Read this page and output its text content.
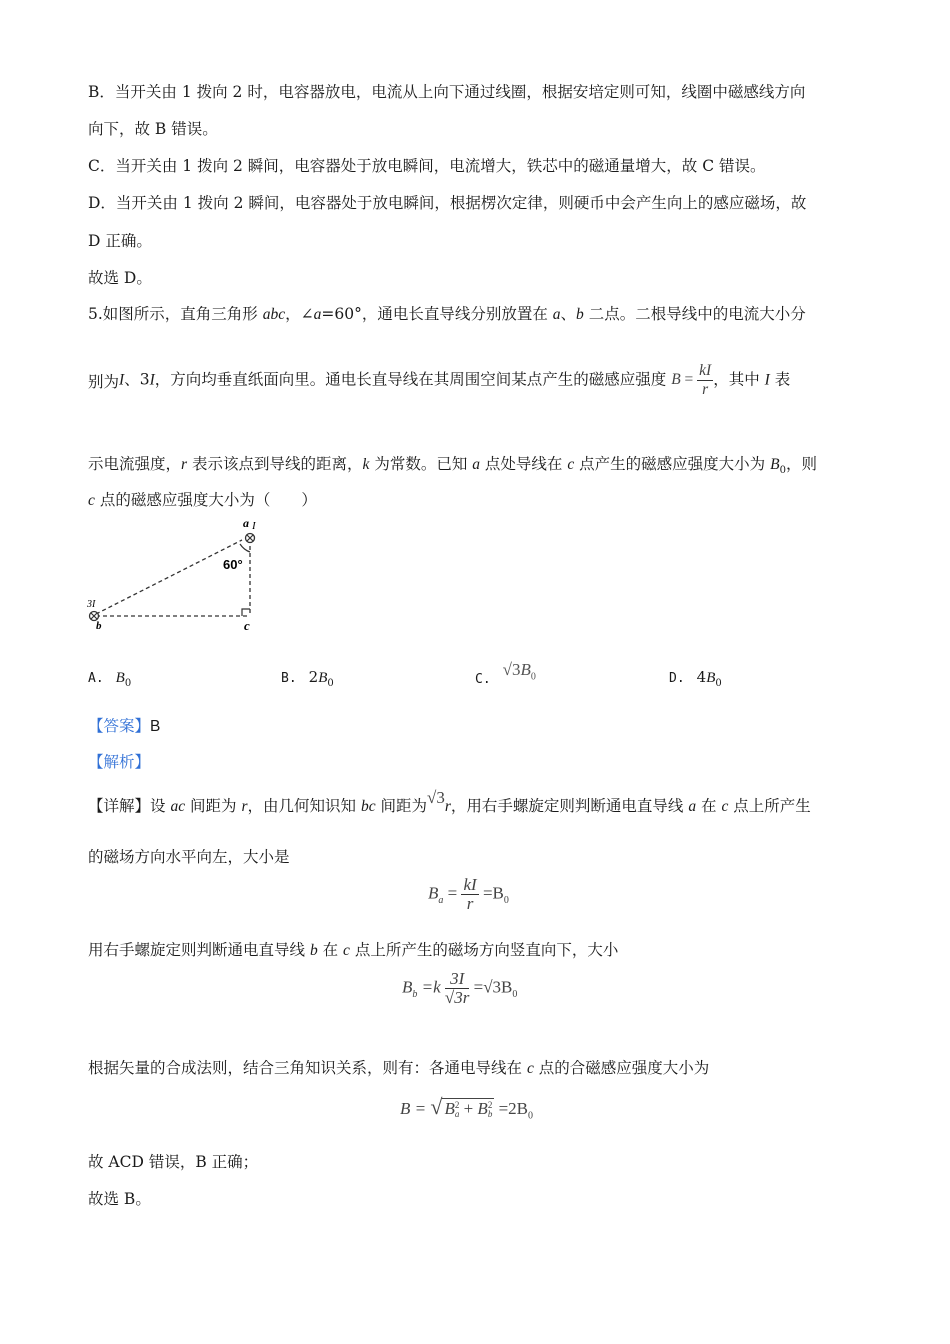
B．当开关由 1 拨向 2 时，电容器放电，电流从上向下通过线圈，根据安培定则可知，线圈中磁感线方向
向下，故 B 错误。
C．当开关由 1 拨向 2 瞬间，电容器处于放电瞬间，电流增大，铁芯中的磁通量增大，故 C 错误。
D．当开关由 1 拨向 2 瞬间，电容器处于放电瞬间，根据楞次定律，则硬币中会产生向上的感应磁场，故
D 正确。
故选 D。
5.如图所示，直角三角形 abc，∠a=60°，通电长直导线分别放置在 a、b 二点。二根导线中的电流大小分
别为I、3I，方向均垂直纸面向里。通电长直导线在其周围空间某点产生的磁感应强度 $B = \frac{kI}{r}$ ，其中 I 表
示电流强度，r 表示该点到导线的距离，k 为常数。已知 a 点处导线在 c 点产生的磁感应强度大小为 $B_0$，则
c 点的磁感应强度大小为（　　）
a I
60°
3I
b	c
A. $B_0$	B. $2B_0$	$C.√3B_0$	D. $4B_0$
【答案】B
【解析】
【详解】设 ac 间距为 r，由几何知识知 bc 间距为√3r，用右手螺旋定则判断通电直导线 a 在 c 点上所产生
的磁场方向水平向左，大小是
$B_a = \frac{kI}{r} =B_0$
用右手螺旋定则判断通电直导线 b 在 c 点上所产生的磁场方向竖直向下，大小
$B_b =k \frac{3I}{√3r} =√3B_0$
根据矢量的合成法则，结合三角知识关系，则有：各通电导线在 c 点的合磁感应强度大小为
B = √ B 2
a + B 2
$b =2B_0$
故 ACD 错误，B 正确；
故选 B。
